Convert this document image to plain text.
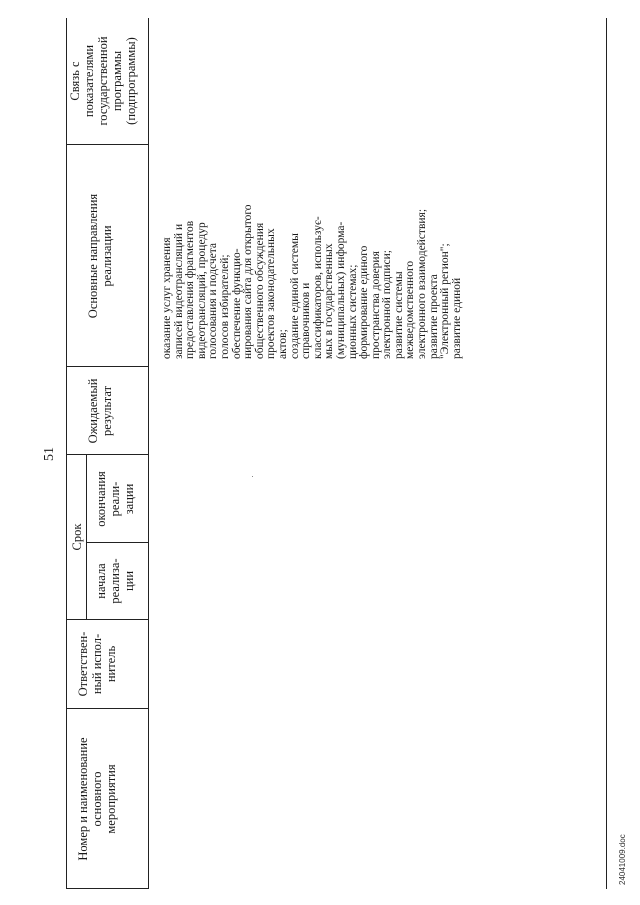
51
Номер и наименование
основного
мероприятия
Ответствен-
ный испол-
нитель
Срок
начала
реализа-
ции
окончания
реали-
зации
Ожидаемый
результат
Основные направления
реализации
Связь с
показателями
государственной
программы
(подпрограммы)
оказание услуг хранения
записей видеотрансляций и
предоставления фрагментов
видеотрансляций, процедур
голосования и подсчета
голосов избирателей;
обеспечение функцио-
нирования сайта для открытого
общественного обсуждения
проектов законодательных
актов;
создание единой системы
справочников и
классификаторов, использує-
мых в государственных
(муниципальных) информа-
ционных системах;
формирование единого
пространства доверия
электронной подписи;
развитие системы
межведомственного
электронного взаимодействия;
развитие проекта
"Электронный регион";
развитие единой
24041009.doc
